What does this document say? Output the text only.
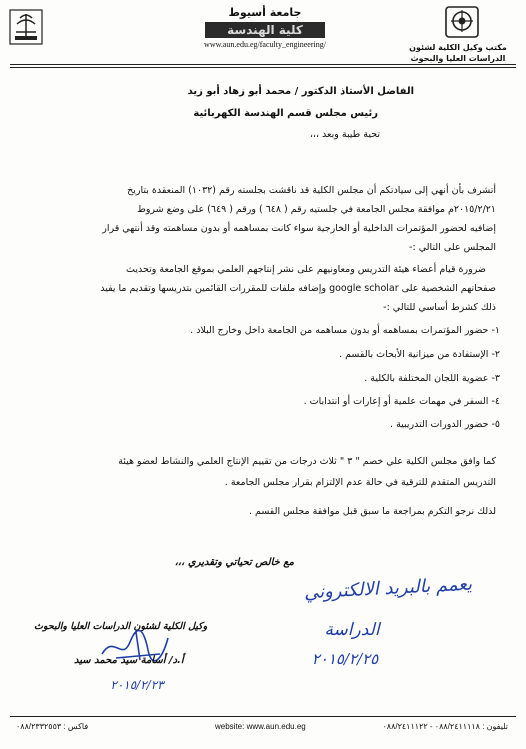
مكتب وكيل الكلية لشئون
الدراسات العليا والبحوث
جامعة أسيوط
كلية الهندسة
www.aun.edu.eg/faculty_engineering/
الفاضل الأستاذ الدكتور / محمد أبو زهاد أبو زيد
رئيس مجلس قسم الهندسة الكهربائية
تحية طيبة وبعد ،،،
أتشرف بأن أنهي إلى سيادتكم أن مجلس الكلية قد ناقشت بجلسته رقم (١٠٣٢) المنعقدة بتاريخ
٢٠١٥/٢/٢١م موافقة مجلس الجامعة في جلستيه رقم ( ٦٤٨ ) ورقم ( ٦٤٩) على وضع شروط
إضافيه لحضور المؤتمرات الداخلية أو الخارجية سواء كانت بمساهمه أو بدون مساهمته وقد أنتهي قرار
المجلس على التالي :-
ضرورة قيام أعضاء هيئة التدريس ومعاونيهم على نشر إنتاجهم العلمي بموقع الجامعة وتحديث
صفحاتهم الشخصية على google scholar وإضافه ملفات للمقررات القائمين بتدريسها وتقديم ما يفيد
ذلك كشرط أساسي للتالي :-
١- حضور المؤتمرات بمساهمه أو بدون مساهمه من الجامعة داخل وخارج البلاد .
٢- الإستفادة من ميزانية الأبحاث بالقسم .
٣- عضوية اللجان المختلفة بالكلية .
٤- السفر في مهمات علمية أو إعارات أو انتدابات .
٥- حضور الدورات التدريبية .
كما وافق مجلس الكلية علي خصم " ٣ " ثلاث درجات من تقييم الإنتاج العلمي والنشاط لعضو هيئة
التدريس المتقدم للترقية في حالة عدم الإلتزام بقرار مجلس الجامعة .
لذلك نرجو التكرم بمراجعة ما سبق قبل موافقة مجلس القسم .
مع خالص تحياتي وتقديري ،،،
يعمم بالبريد الالكتروني
الدراسة
٢٠١٥/٢/٢٥
وكيل الكلية لشئون الدراسات العليا والبحوث
أ.د/ أسامة سيد محمد سيد
٢٠١٥/٢/٢٣
فاكس : ٠٨٨/٢٣٣٢٥٥٣	website: www.aun.edu.eg	تليفون : ٠٨٨/٢٤١١١١٨ - ٠٨٨/٢٤١١١٢٢
